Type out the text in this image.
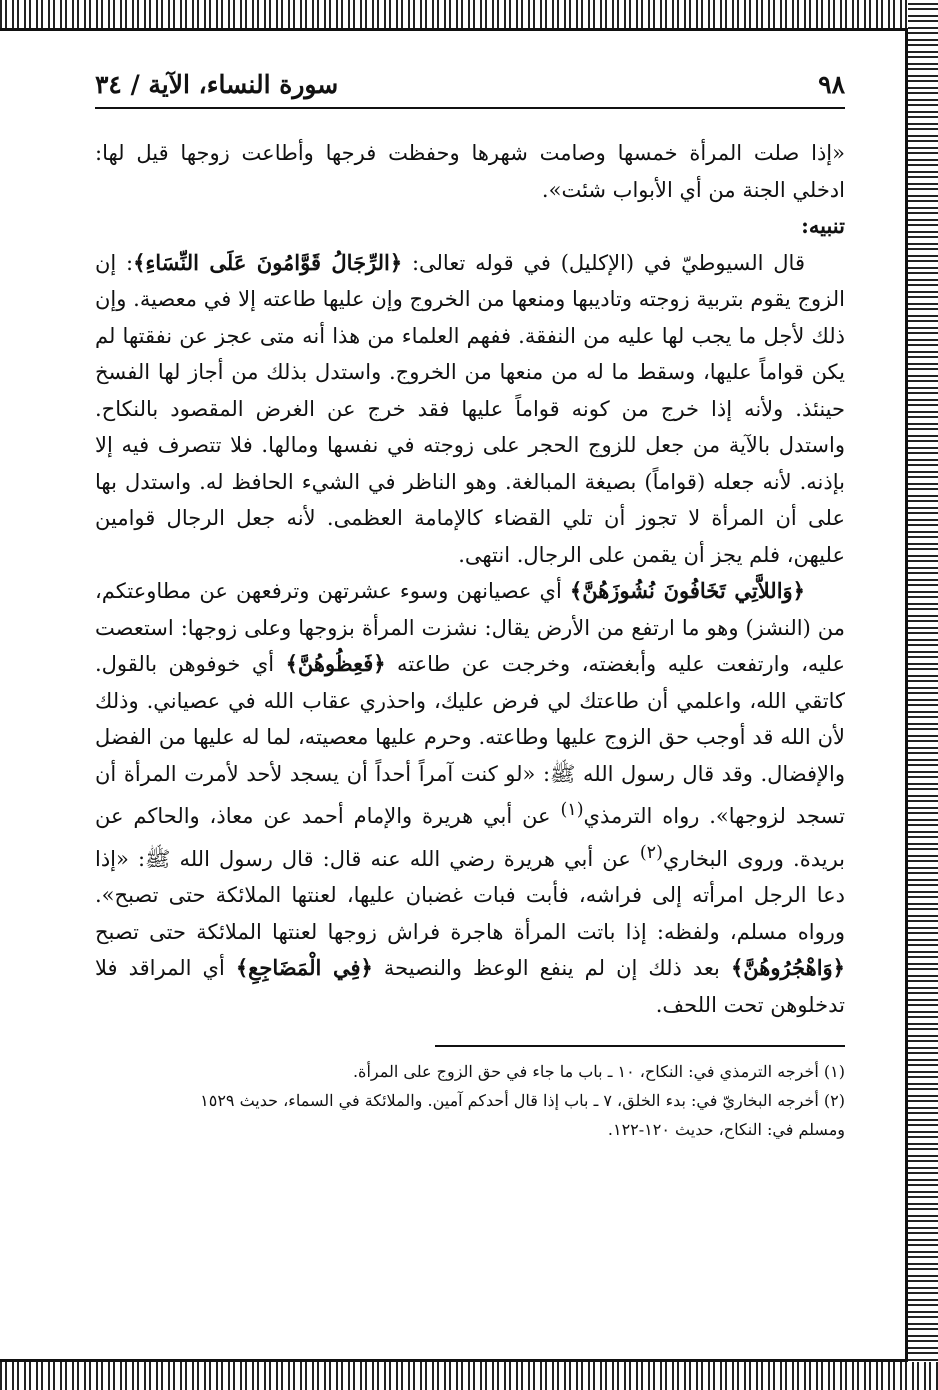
٩٨
سورة النساء، الآية / ٣٤

«إذا صلت المرأة خمسها وصامت شهرها وحفظت فرجها وأطاعت زوجها قيل لها: ادخلي الجنة من أي الأبواب شئت».

تنبيه:

قال السيوطيّ في (الإكليل) في قوله تعالى: ﴿الرِّجَالُ قَوَّامُونَ عَلَى النِّسَاءِ﴾: إن الزوج يقوم بتربية زوجته وتاديبها ومنعها من الخروج وإن عليها طاعته إلا في معصية. وإن ذلك لأجل ما يجب لها عليه من النفقة. ففهم العلماء من هذا أنه متى عجز عن نفقتها لم يكن قواماً عليها، وسقط ما له من منعها من الخروج. واستدل بذلك من أجاز لها الفسخ حينئذ. ولأنه إذا خرج من كونه قواماً عليها فقد خرج عن الغرض المقصود بالنكاح. واستدل بالآية من جعل للزوج الحجر على زوجته في نفسها ومالها. فلا تتصرف فيه إلا بإذنه. لأنه جعله (قواماً) بصيغة المبالغة. وهو الناظر في الشيء الحافظ له. واستدل بها على أن المرأة لا تجوز أن تلي القضاء كالإمامة العظمى. لأنه جعل الرجال قوامين عليهن، فلم يجز أن يقمن على الرجال. انتهى.

﴿وَاللاَّتِي تَخَافُونَ نُشُوزَهُنَّ﴾ أي عصيانهن وسوء عشرتهن وترفعهن عن مطاوعتكم، من (النشز) وهو ما ارتفع من الأرض يقال: نشزت المرأة بزوجها وعلى زوجها: استعصت عليه، وارتفعت عليه وأبغضته، وخرجت عن طاعته ﴿فَعِظُوهُنَّ﴾ أي خوفوهن بالقول. كاتقي الله، واعلمي أن طاعتك لي فرض عليك، واحذري عقاب الله في عصياني. وذلك لأن الله قد أوجب حق الزوج عليها وطاعته. وحرم عليها معصيته، لما له عليها من الفضل والإفضال. وقد قال رسول الله ﷺ: «لو كنت آمراً أحداً أن يسجد لأحد لأمرت المرأة أن تسجد لزوجها». رواه الترمذي$^{(١)}$ عن أبي هريرة والإمام أحمد عن معاذ، والحاكم عن بريدة. وروى البخاري$^{(٢)}$ عن أبي هريرة رضي الله عنه قال: قال رسول الله ﷺ: «إذا دعا الرجل امرأته إلى فراشه، فأبت فبات غضبان عليها، لعنتها الملائكة حتى تصبح». ورواه مسلم، ولفظه: إذا باتت المرأة هاجرة فراش زوجها لعنتها الملائكة حتى تصبح ﴿وَاهْجُرُوهُنَّ﴾ بعد ذلك إن لم ينفع الوعظ والنصيحة ﴿فِي الْمَضَاجِعِ﴾ أي المراقد فلا تدخلوهن تحت اللحف.

(١) أخرجه الترمذي في: النكاح، ١٠ ـ باب ما جاء في حق الزوج على المرأة.

(٢) أخرجه البخاريّ في: بدء الخلق، ٧ ـ باب إذا قال أحدكم آمين. والملائكة في السماء، حديث ١٥٢٩

ومسلم في: النكاح، حديث ١٢٠-١٢٢.
